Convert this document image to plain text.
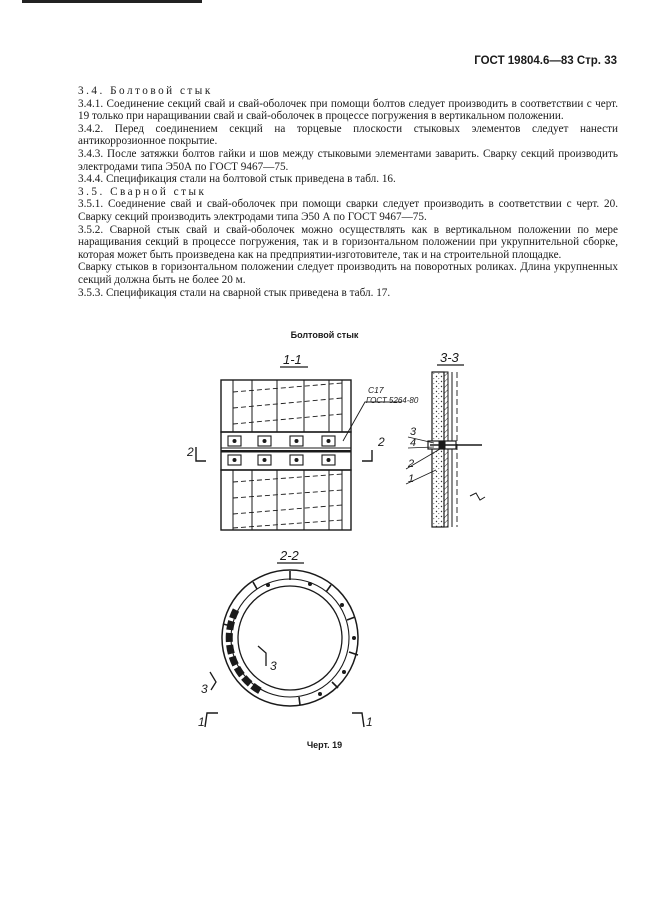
ГОСТ 19804.6—83 Стр. 33

3.4. Болтовой стык

3.4.1. Соединение секций свай и свай-оболочек при помощи болтов следует производить в соответствии с черт. 19 только при наращивании свай и свай-оболочек в процессе погружения в вертикальном положении.

3.4.2. Перед соединением секций на торцевые плоскости стыковых элементов следует нанести антикоррозионное покрытие.

3.4.3. После затяжки болтов гайки и шов между стыковыми элементами заварить. Сварку секций производить электродами типа Э50А по ГОСТ 9467—75.

3.4.4. Спецификация стали на болтовой стык приведена в табл. 16.

3.5. Сварной стык

3.5.1. Соединение свай и свай-оболочек при помощи сварки следует производить в соответствии с черт. 20. Сварку секций производить электродами типа Э50 А по ГОСТ 9467—75.

3.5.2. Сварной стык свай и свай-оболочек можно осуществлять как в вертикальном положении по мере наращивания секций в процессе погружения, так и в горизонтальном положении при укрупнительной сборке, которая может быть произведена как на предприятии-изготовителе, так и на строительной площадке.

Сварку стыков в горизонтальном положении следует производить на поворотных роликах. Длина укрупненных секций должна быть не более 20 м.

3.5.3. Спецификация стали на сварной стык приведена в табл. 17.

Болтовой стык
Черт. 19
1-1
С17
ГОСТ 5264-80
2
2
3-3
3
4
2
1
2-2
3
3
1	1
